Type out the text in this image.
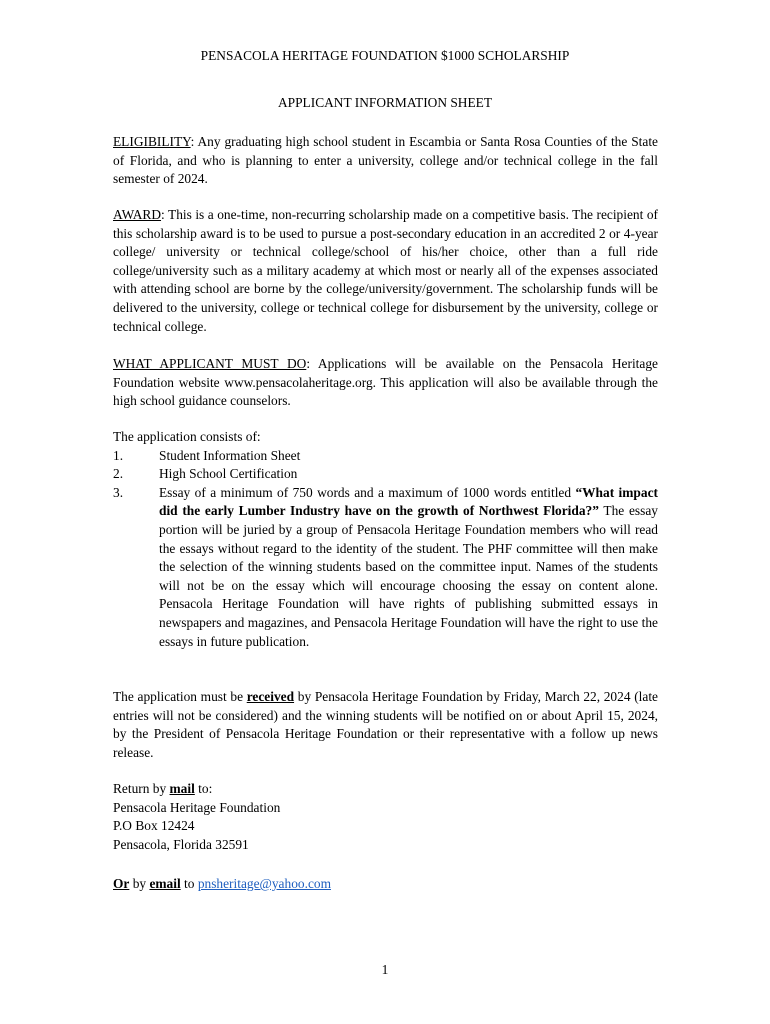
PENSACOLA HERITAGE FOUNDATION $1000 SCHOLARSHIP
APPLICANT INFORMATION SHEET

ELIGIBILITY: Any graduating high school student in Escambia or Santa Rosa Counties of the State of Florida, and who is planning to enter a university, college and/or technical college in the fall semester of 2024.

AWARD: This is a one-time, non-recurring scholarship made on a competitive basis. The recipient of this scholarship award is to be used to pursue a post-secondary education in an accredited 2 or 4-year college/ university or technical college/school of his/her choice, other than a full ride college/university such as a military academy at which most or nearly all of the expenses associated with attending school are borne by the college/university/government. The scholarship funds will be delivered to the university, college or technical college for disbursement by the university, college or technical college.

WHAT APPLICANT MUST DO: Applications will be available on the Pensacola Heritage Foundation website www.pensacolaheritage.org. This application will also be available through the high school guidance counselors.

The application consists of:

1.	Student Information Sheet
2.	High School Certification
3.	Essay of a minimum of 750 words and a maximum of 1000 words entitled “What impact did the early Lumber Industry have on the growth of Northwest Florida?” The essay portion will be juried by a group of Pensacola Heritage Foundation members who will read the essays without regard to the identity of the student. The PHF committee will then make the selection of the winning students based on the committee input. Names of the students will not be on the essay which will encourage choosing the essay on content alone. Pensacola Heritage Foundation will have rights of publishing submitted essays in newspapers and magazines, and Pensacola Heritage Foundation will have the right to use the essays in future publication.

The application must be received by Pensacola Heritage Foundation by Friday, March 22, 2024 (late entries will not be considered) and the winning students will be notified on or about April 15, 2024, by the President of Pensacola Heritage Foundation or their representative with a follow up news release.

Return by mail to:
Pensacola Heritage Foundation
P.O Box 12424
Pensacola, Florida 32591
Or by email to pnsheritage@yahoo.com
1
